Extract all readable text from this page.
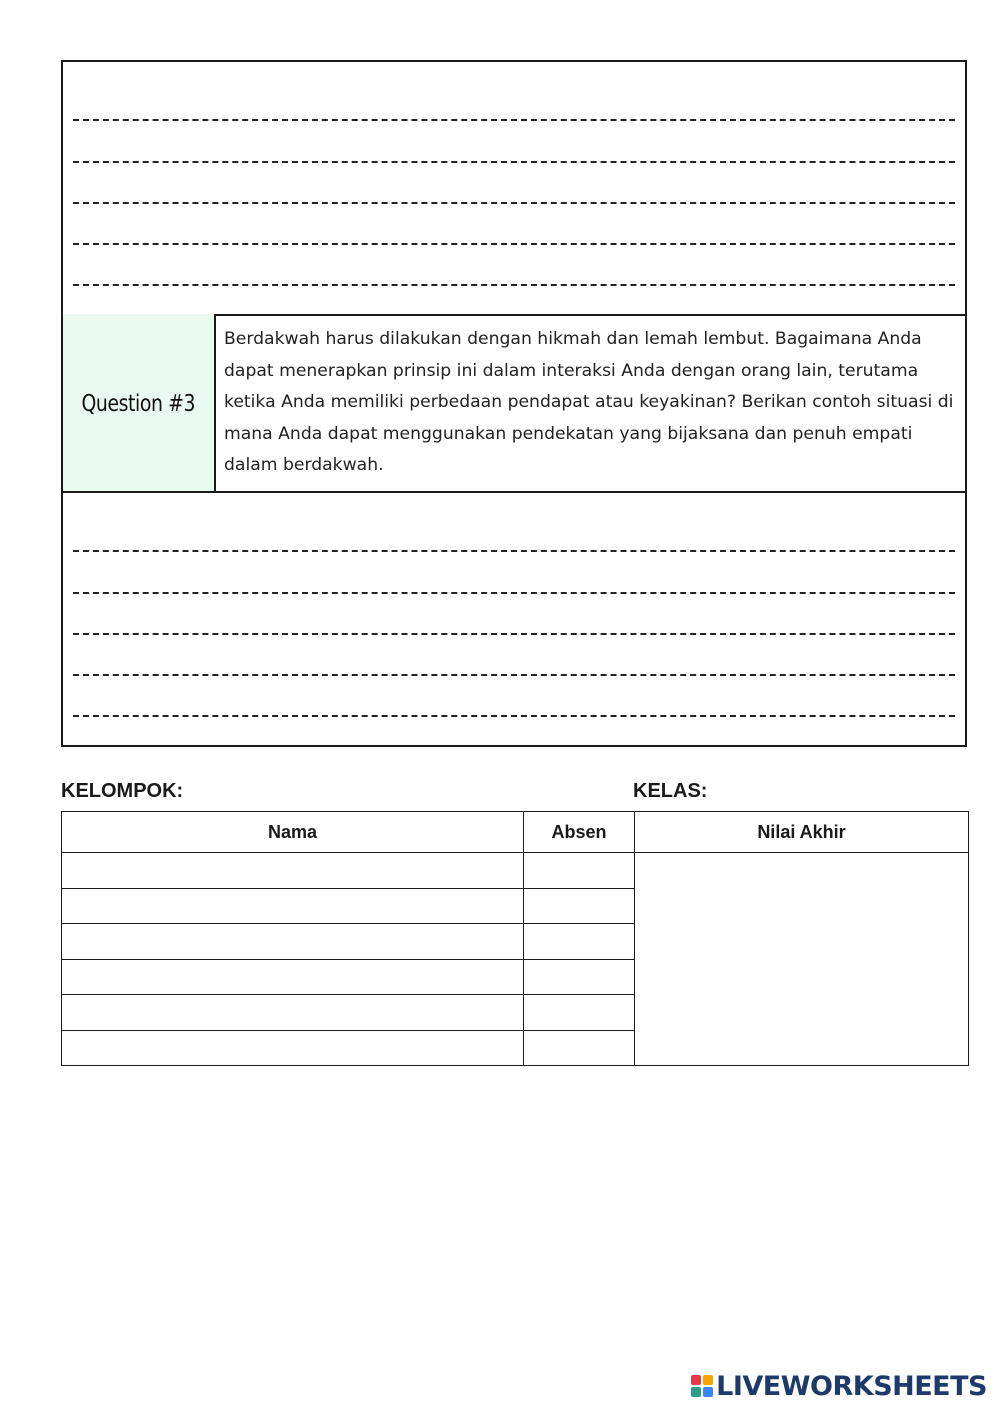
Question #3
Berdakwah harus dilakukan dengan hikmah dan lemah lembut. Bagaimana Anda dapat menerapkan prinsip ini dalam interaksi Anda dengan orang lain, terutama ketika Anda memiliki perbedaan pendapat atau keyakinan? Berikan contoh situasi di mana Anda dapat menggunakan pendekatan yang bijaksana dan penuh empati dalam berdakwah.
KELOMPOK:	KELAS:
Nama	Absen	Nilai Akhir

LIVEWORKSHEETS
